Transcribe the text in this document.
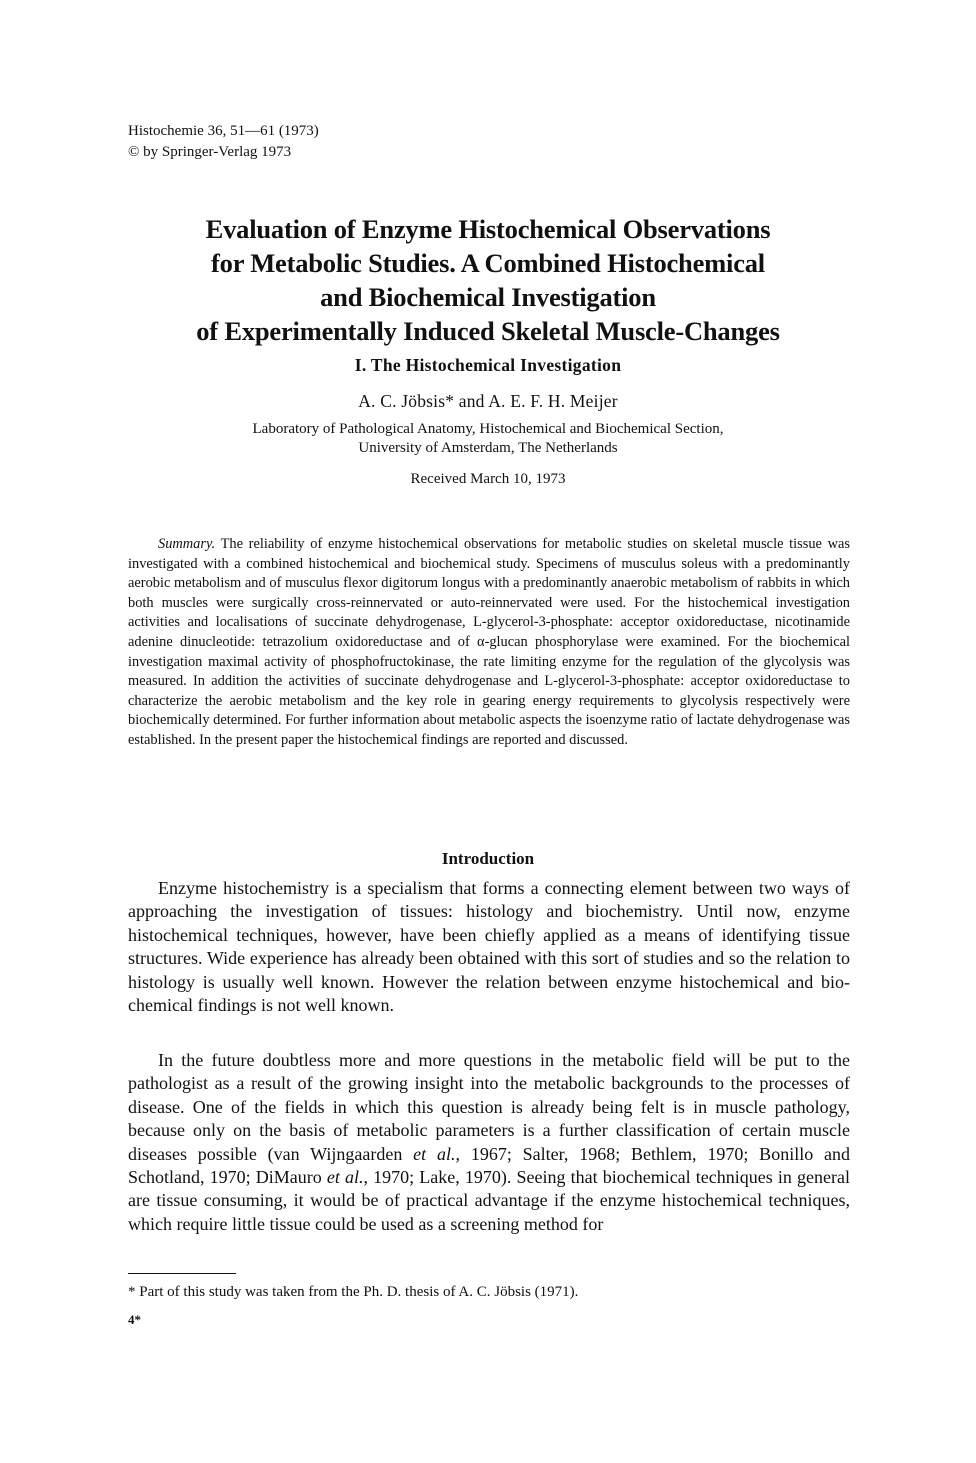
Histochemie 36, 51—61 (1973)
© by Springer-Verlag 1973
Evaluation of Enzyme Histochemical Observations
for Metabolic Studies. A Combined Histochemical
and Biochemical Investigation
of Experimentally Induced Skeletal Muscle-Changes
I. The Histochemical Investigation
A. C. Jöbsis* and A. E. F. H. Meijer
Laboratory of Pathological Anatomy, Histochemical and Biochemical Section,
University of Amsterdam, The Netherlands
Received March 10, 1973

Summary. The reliability of enzyme histochemical observations for metabolic studies on skeletal muscle tissue was investigated with a combined histochemical and biochemical study. Specimens of musculus soleus with a predominantly aerobic metabolism and of musculus flexor digitorum longus with a predominantly anaerobic metabolism of rabbits in which both muscles were surgically cross-reinnervated or auto-reinnervated were used. For the histochemical investigation activities and localisations of succinate dehydrogenase, L-glycerol-3-phosphate: acceptor oxidoreductase, nicotinamide adenine dinucleotide: tetrazolium oxidoreductase and of α-glucan phosphorylase were examined. For the biochemical investigation maximal activity of phosphofructokinase, the rate limiting enzyme for the regulation of the glycolysis was measured. In addition the activities of succinate dehydrogenase and L-glycerol-3-phosphate: acceptor oxidoreductase to characterize the aerobic metabolism and the key role in gearing energy requirements to glycolysis respectively were biochemically determined. For further information about metabolic aspects the isoenzyme ratio of lactate dehydrogenase was established. In the present paper the histochemical findings are reported and discussed.

Introduction

Enzyme histochemistry is a specialism that forms a connecting element between two ways of approaching the investigation of tissues: histology and biochemistry. Until now, enzyme histochemical techniques, however, have been chiefly applied as a means of identifying tissue structures. Wide experience has already been obtained with this sort of studies and so the relation to histology is usually well known. However the relation between enzyme histochemical and biochemical findings is not well known.

In the future doubtless more and more questions in the metabolic field will be put to the pathologist as a result of the growing insight into the metabolic backgrounds to the processes of disease. One of the fields in which this question is already being felt is in muscle pathology, because only on the basis of metabolic parameters is a further classification of certain muscle diseases possible (van Wijngaarden et al., 1967; Salter, 1968; Bethlem, 1970; Bonillo and Schotland, 1970; DiMauro et al., 1970; Lake, 1970). Seeing that biochemical techniques in general are tissue consuming, it would be of practical advantage if the enzyme histochemical techniques, which require little tissue could be used as a screening method for

* Part of this study was taken from the Ph. D. thesis of A. C. Jöbsis (1971).
4*
